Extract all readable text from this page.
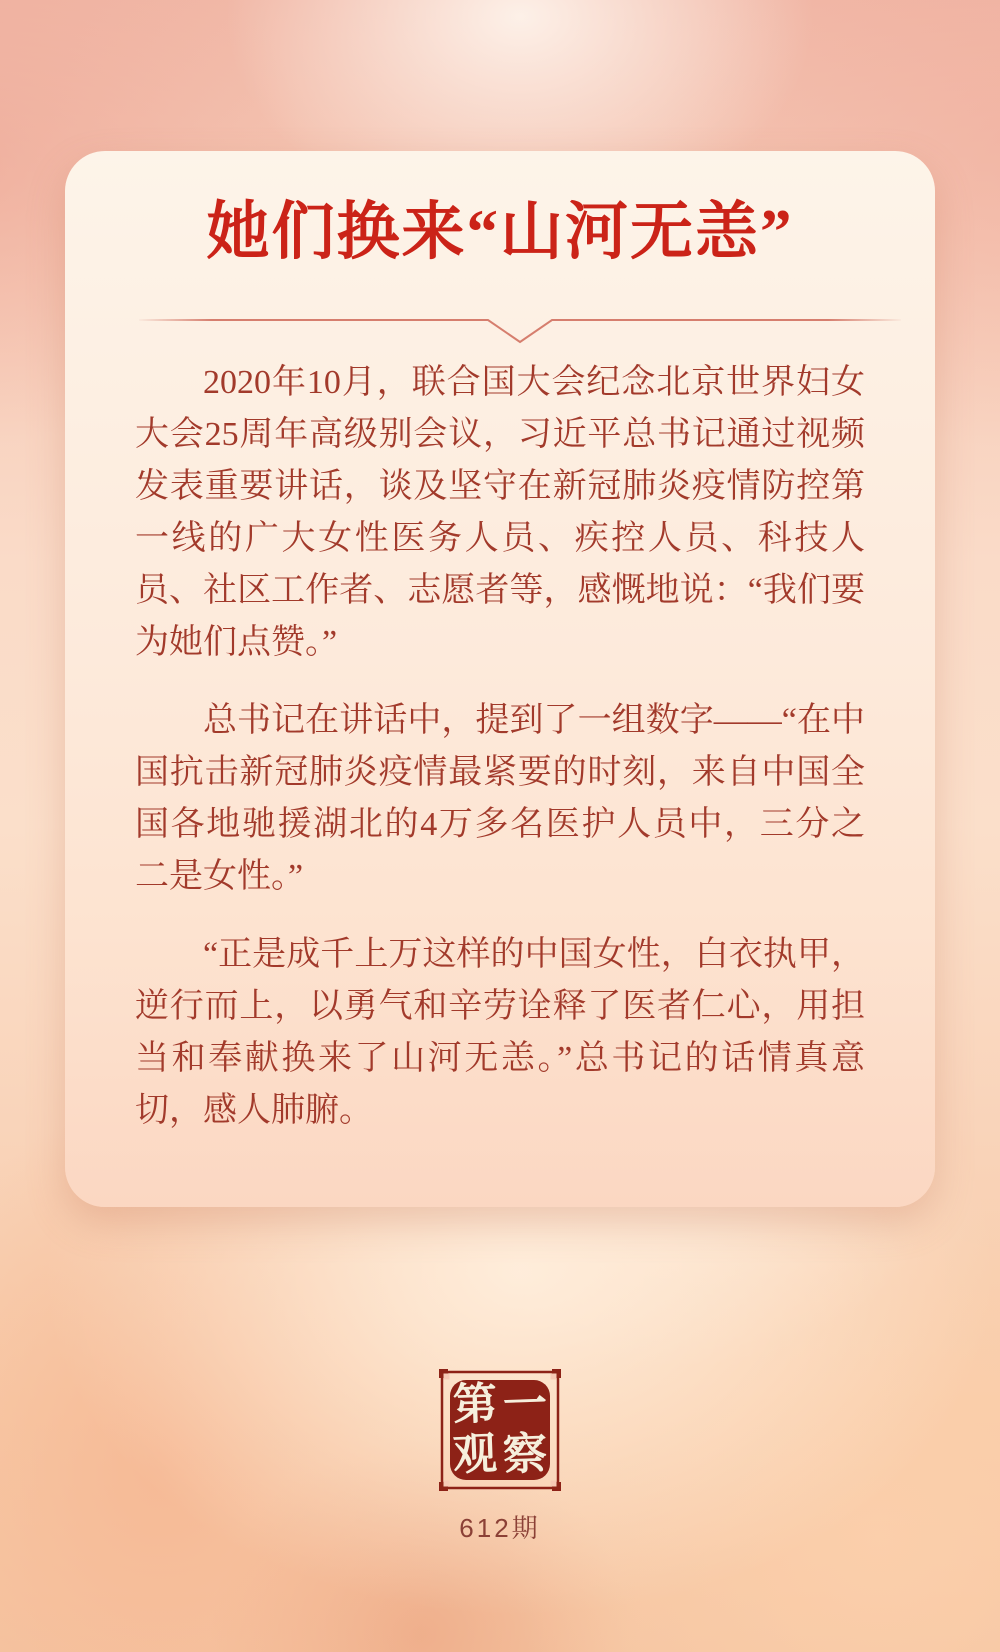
她们换来“山河无恙”

2020年10月，联合国大会纪念北京世界妇女大会25周年高级别会议，习近平总书记通过视频发表重要讲话，谈及坚守在新冠肺炎疫情防控第一线的广大女性医务人员、疾控人员、科技人员、社区工作者、志愿者等，感慨地说：“我们要为她们点赞。”

总书记在讲话中，提到了一组数字——“在中国抗击新冠肺炎疫情最紧要的时刻，来自中国全国各地驰援湖北的4万多名医护人员中，三分之二是女性。”

“正是成千上万这样的中国女性，白衣执甲，逆行而上，以勇气和辛劳诠释了医者仁心，用担当和奉献换来了山河无恙。”总书记的话情真意切，感人肺腑。

第 一
观 察
612期
